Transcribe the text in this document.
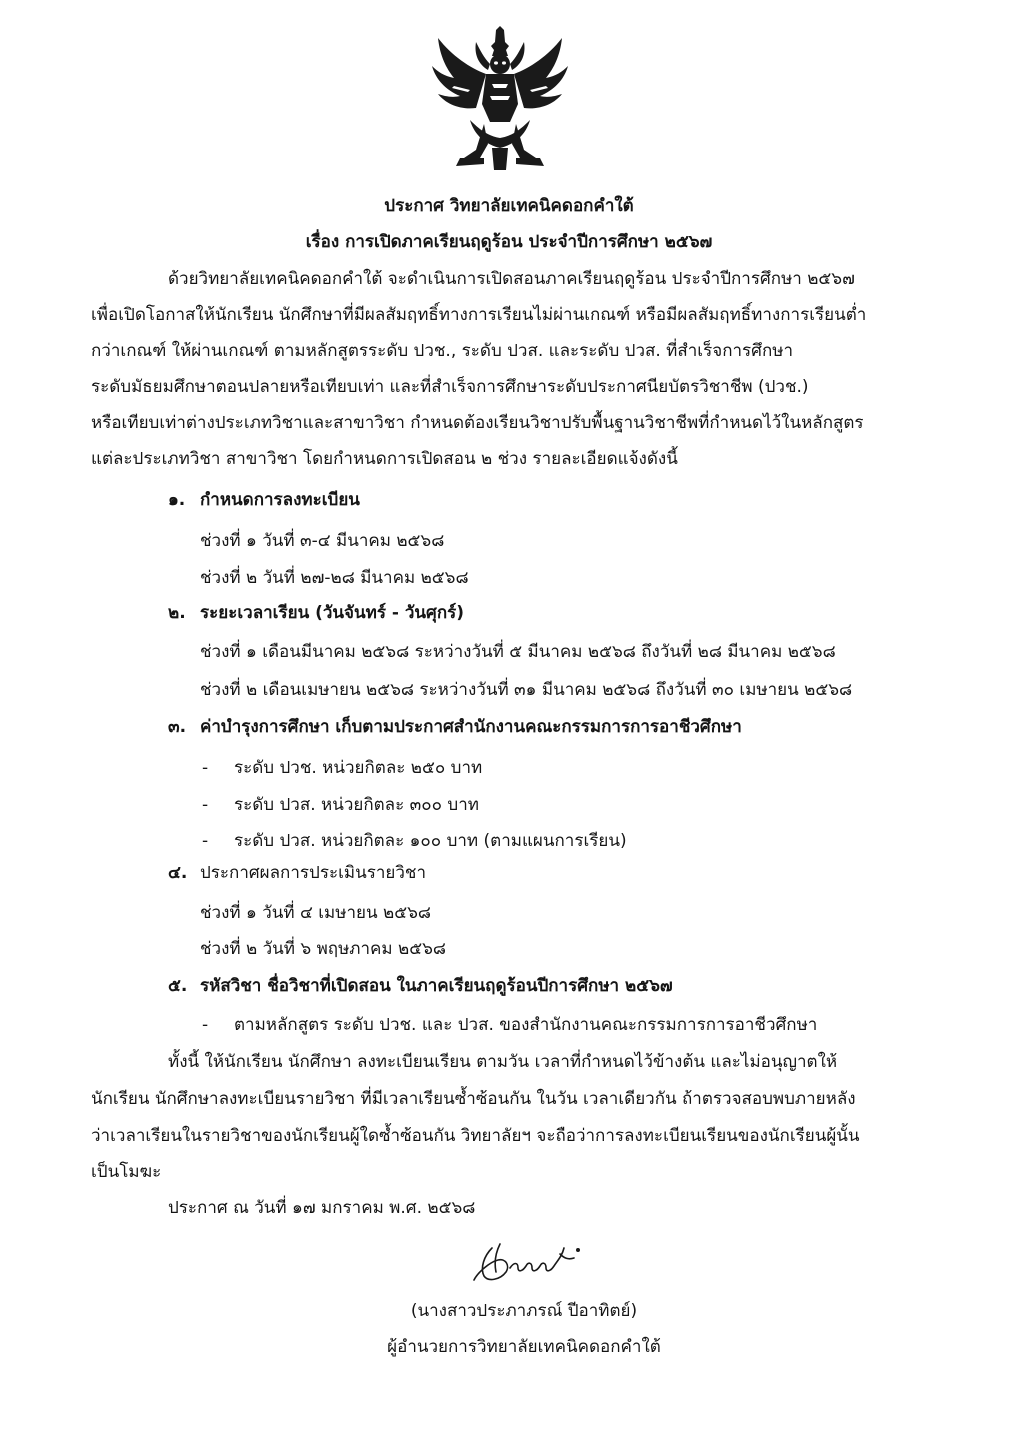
ประกาศ วิทยาลัยเทคนิคดอกคำใต้
เรื่อง การเปิดภาคเรียนฤดูร้อน ประจำปีการศึกษา ๒๕๖๗
ด้วยวิทยาลัยเทคนิคดอกคำใต้ จะดำเนินการเปิดสอนภาคเรียนฤดูร้อน ประจำปีการศึกษา ๒๕๖๗
เพื่อเปิดโอกาสให้นักเรียน นักศึกษาที่มีผลสัมฤทธิ์ทางการเรียนไม่ผ่านเกณฑ์ หรือมีผลสัมฤทธิ์ทางการเรียนต่ำ
กว่าเกณฑ์ ให้ผ่านเกณฑ์ ตามหลักสูตรระดับ ปวช., ระดับ ปวส. และระดับ ปวส. ที่สำเร็จการศึกษา
ระดับมัธยมศึกษาตอนปลายหรือเทียบเท่า และที่สำเร็จการศึกษาระดับประกาศนียบัตรวิชาชีพ (ปวช.)
หรือเทียบเท่าต่างประเภทวิชาและสาขาวิชา กำหนดต้องเรียนวิชาปรับพื้นฐานวิชาชีพที่กำหนดไว้ในหลักสูตร
แต่ละประเภทวิชา สาขาวิชา โดยกำหนดการเปิดสอน ๒ ช่วง รายละเอียดแจ้งดังนี้
๑. กำหนดการลงทะเบียน
ช่วงที่ ๑ วันที่ ๓-๔ มีนาคม ๒๕๖๘
ช่วงที่ ๒ วันที่ ๒๗-๒๘ มีนาคม ๒๕๖๘
๒. ระยะเวลาเรียน (วันจันทร์ - วันศุกร์)
ช่วงที่ ๑ เดือนมีนาคม ๒๕๖๘ ระหว่างวันที่ ๕ มีนาคม ๒๕๖๘ ถึงวันที่ ๒๘ มีนาคม ๒๕๖๘
ช่วงที่ ๒ เดือนเมษายน ๒๕๖๘ ระหว่างวันที่ ๓๑ มีนาคม ๒๕๖๘ ถึงวันที่ ๓๐ เมษายน ๒๕๖๘
๓. ค่าบำรุงการศึกษา เก็บตามประกาศสำนักงานคณะกรรมการการอาชีวศึกษา
- ระดับ ปวช. หน่วยกิตละ ๒๕๐ บาท
- ระดับ ปวส. หน่วยกิตละ ๓๐๐ บาท
- ระดับ ปวส. หน่วยกิตละ ๑๐๐ บาท (ตามแผนการเรียน)
๔. ประกาศผลการประเมินรายวิชา
ช่วงที่ ๑ วันที่ ๔ เมษายน ๒๕๖๘
ช่วงที่ ๒ วันที่ ๖ พฤษภาคม ๒๕๖๘
๕. รหัสวิชา ชื่อวิชาที่เปิดสอน ในภาคเรียนฤดูร้อนปีการศึกษา ๒๕๖๗
- ตามหลักสูตร ระดับ ปวช. และ ปวส. ของสำนักงานคณะกรรมการการอาชีวศึกษา
ทั้งนี้ ให้นักเรียน นักศึกษา ลงทะเบียนเรียน ตามวัน เวลาที่กำหนดไว้ข้างต้น และไม่อนุญาตให้
นักเรียน นักศึกษาลงทะเบียนรายวิชา ที่มีเวลาเรียนซ้ำซ้อนกัน ในวัน เวลาเดียวกัน ถ้าตรวจสอบพบภายหลัง
ว่าเวลาเรียนในรายวิชาของนักเรียนผู้ใดซ้ำซ้อนกัน วิทยาลัยฯ จะถือว่าการลงทะเบียนเรียนของนักเรียนผู้นั้น
เป็นโมฆะ
ประกาศ ณ วันที่ ๑๗ มกราคม พ.ศ. ๒๕๖๘
(นางสาวประภาภรณ์ ปีอาทิตย์)
ผู้อำนวยการวิทยาลัยเทคนิคดอกคำใต้
